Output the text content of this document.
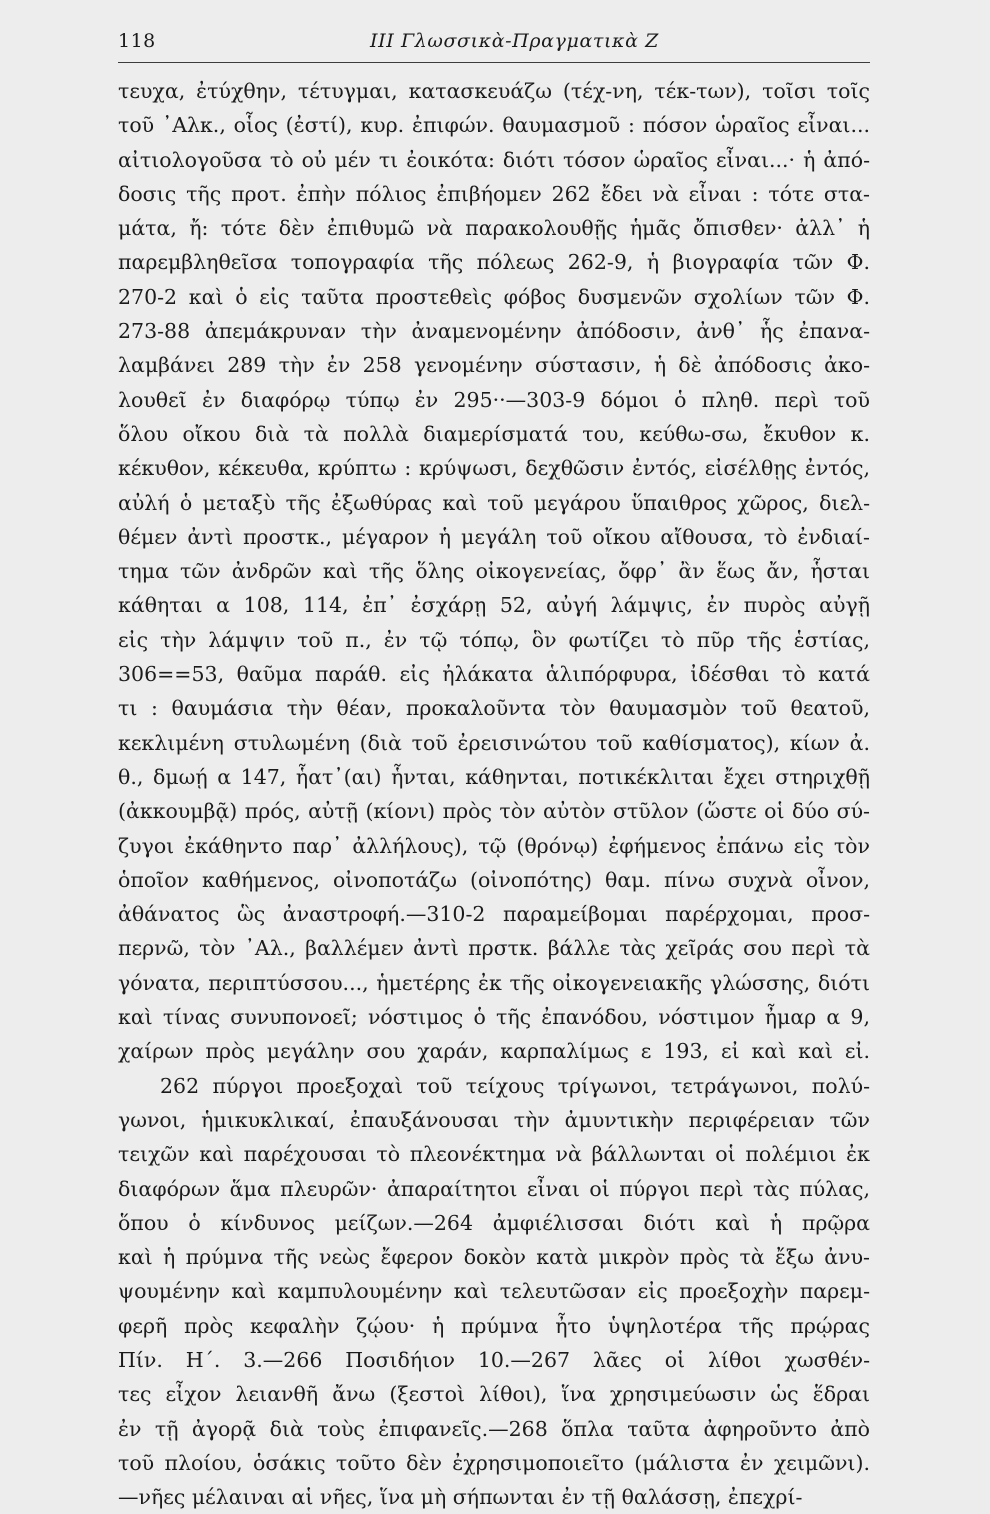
118	ΙΙΙ Γλωσσικὰ-Πραγματικὰ Ζ
τευχα, ἐτύχθην, τέτυγμαι, κατασκευάζω (τέχ-νη, τέκ-των), τοῖσι τοῖς
τοῦ ᾿Αλκ., οἷος (ἐστί), κυρ. ἐπιφών. θαυμασμοῦ : πόσον ὡραῖος εἶναι...
αἰτιολογοῦσα τὸ οὐ μέν τι ἐοικότα: διότι τόσον ὡραῖος εἶναι...· ἡ ἀπό-
δοσις τῆς προτ. ἐπὴν πόλιος ἐπιβήομεν 262 ἔδει νὰ εἶναι : τότε στα-
μάτα, ἤ: τότε δὲν ἐπιθυμῶ νὰ παρακολουθῇς ἡμᾶς ὄπισθεν· ἀλλ᾿ ἡ
παρεμβληθεῖσα τοπογραφία τῆς πόλεως 262-9, ἡ βιογραφία τῶν Φ.
270-2 καὶ ὁ εἰς ταῦτα προστεθεὶς φόβος δυσμενῶν σχολίων τῶν Φ.
273-88 ἀπεμάκρυναν τὴν ἀναμενομένην ἀπόδοσιν, ἀνθ᾿ ἧς ἐπανα-
λαμβάνει 289 τὴν ἐν 258 γενομένην σύστασιν, ἡ δὲ ἀπόδοσις ἀκο-
λουθεῖ ἐν διαφόρῳ τύπῳ ἐν 295··—303-9 δόμοι ὁ πληθ. περὶ τοῦ
ὅλου οἴκου διὰ τὰ πολλὰ διαμερίσματά του, κεύθω-σω, ἔκυθον κ.
κέκυθον, κέκευθα, κρύπτω : κρύψωσι, δεχθῶσιν ἐντός, εἰσέλθῃς ἐντός,
αὐλή ὁ μεταξὺ τῆς ἐξωθύρας καὶ τοῦ μεγάρου ὕπαιθρος χῶρος, διελ-
θέμεν ἀντὶ προστκ., μέγαρον ἡ μεγάλη τοῦ οἴκου αἴθουσα, τὸ ἐνδιαί-
τημα τῶν ἀνδρῶν καὶ τῆς ὅλης οἰκογενείας, ὄφρ᾿ ἂν ἕως ἄν, ἧσται
κάθηται α 108, 114, ἐπ᾿ ἐσχάρῃ 52, αὐγή λάμψις, ἐν πυρὸς αὐγῇ
εἰς τὴν λάμψιν τοῦ π., ἐν τῷ τόπῳ, ὃν φωτίζει τὸ πῦρ τῆς ἑστίας,
306==53, θαῦμα παράθ. εἰς ἠλάκατα ἁλιπόρφυρα, ἰδέσθαι τὸ κατά
τι : θαυμάσια τὴν θέαν, προκαλοῦντα τὸν θαυμασμὸν τοῦ θεατοῦ,
κεκλιμένη στυλωμένη (διὰ τοῦ ἐρεισινώτου τοῦ καθίσματος), κίων ἀ.
θ., δμωῄ α 147, ἧατ᾿(αι) ἧνται, κάθηνται, ποτικέκλιται ἔχει στηριχθῇ
(ἀκκουμβᾷ) πρός, αὐτῇ (κίονι) πρὸς τὸν αὐτὸν στῦλον (ὥστε οἱ δύο σύ-
ζυγοι ἐκάθηντο παρ᾿ ἀλλήλους), τῷ (θρόνῳ) ἐφήμενος ἐπάνω εἰς τὸν
ὁποῖον καθήμενος, οἰνοποτάζω (οἰνοπότης) θαμ. πίνω συχνὰ οἶνον,
ἀθάνατος ὣς ἀναστροφή.—310-2 παραμείβομαι παρέρχομαι, προσ-
περνῶ, τὸν ᾿Αλ., βαλλέμεν ἀντὶ πρστκ. βάλλε τὰς χεῖράς σου περὶ τὰ
γόνατα, περιπτύσσου..., ἡμετέρης ἐκ τῆς οἰκογενειακῆς γλώσσης, διότι
καὶ τίνας συνυπονοεῖ; νόστιμος ὁ τῆς ἐπανόδου, νόστιμον ἦμαρ α 9,
χαίρων πρὸς μεγάλην σου χαράν, καρπαλίμως ε 193, εἰ καὶ καὶ εἰ.
262 πύργοι προεξοχαὶ τοῦ τείχους τρίγωνοι, τετράγωνοι, πολύ-
γωνοι, ἡμικυκλικαί, ἐπαυξάνουσαι τὴν ἀμυντικὴν περιφέρειαν τῶν
τειχῶν καὶ παρέχουσαι τὸ πλεονέκτημα νὰ βάλλωνται οἱ πολέμιοι ἐκ
διαφόρων ἅμα πλευρῶν· ἀπαραίτητοι εἶναι οἱ πύργοι περὶ τὰς πύλας,
ὅπου ὁ κίνδυνος μείζων.—264 ἀμφιέλισσαι διότι καὶ ἡ πρῷρα
καὶ ἡ πρύμνα τῆς νεὼς ἔφερον δοκὸν κατὰ μικρὸν πρὸς τὰ ἔξω ἀνυ-
ψουμένην καὶ καμπυλουμένην καὶ τελευτῶσαν εἰς προεξοχὴν παρεμ-
φερῆ πρὸς κεφαλὴν ζῴου· ἡ πρύμνα ἦτο ὑψηλοτέρα τῆς πρῴρας
Πίν. Η΄. 3.—266 Ποσιδήιον 10.—267 λᾶες οἱ λίθοι χωσθέν-
τες εἶχον λειανθῆ ἄνω (ξεστοὶ λίθοι), ἵνα χρησιμεύωσιν ὡς ἕδραι
ἐν τῇ ἀγορᾷ διὰ τοὺς ἐπιφανεῖς.—268 ὅπλα ταῦτα ἀφηροῦντο ἀπὸ
τοῦ πλοίου, ὁσάκις τοῦτο δὲν ἐχρησιμοποιεῖτο (μάλιστα ἐν χειμῶνι).
—νῆες μέλαιναι αἱ νῆες, ἵνα μὴ σήπωνται ἐν τῇ θαλάσσῃ, ἐπεχρί-
